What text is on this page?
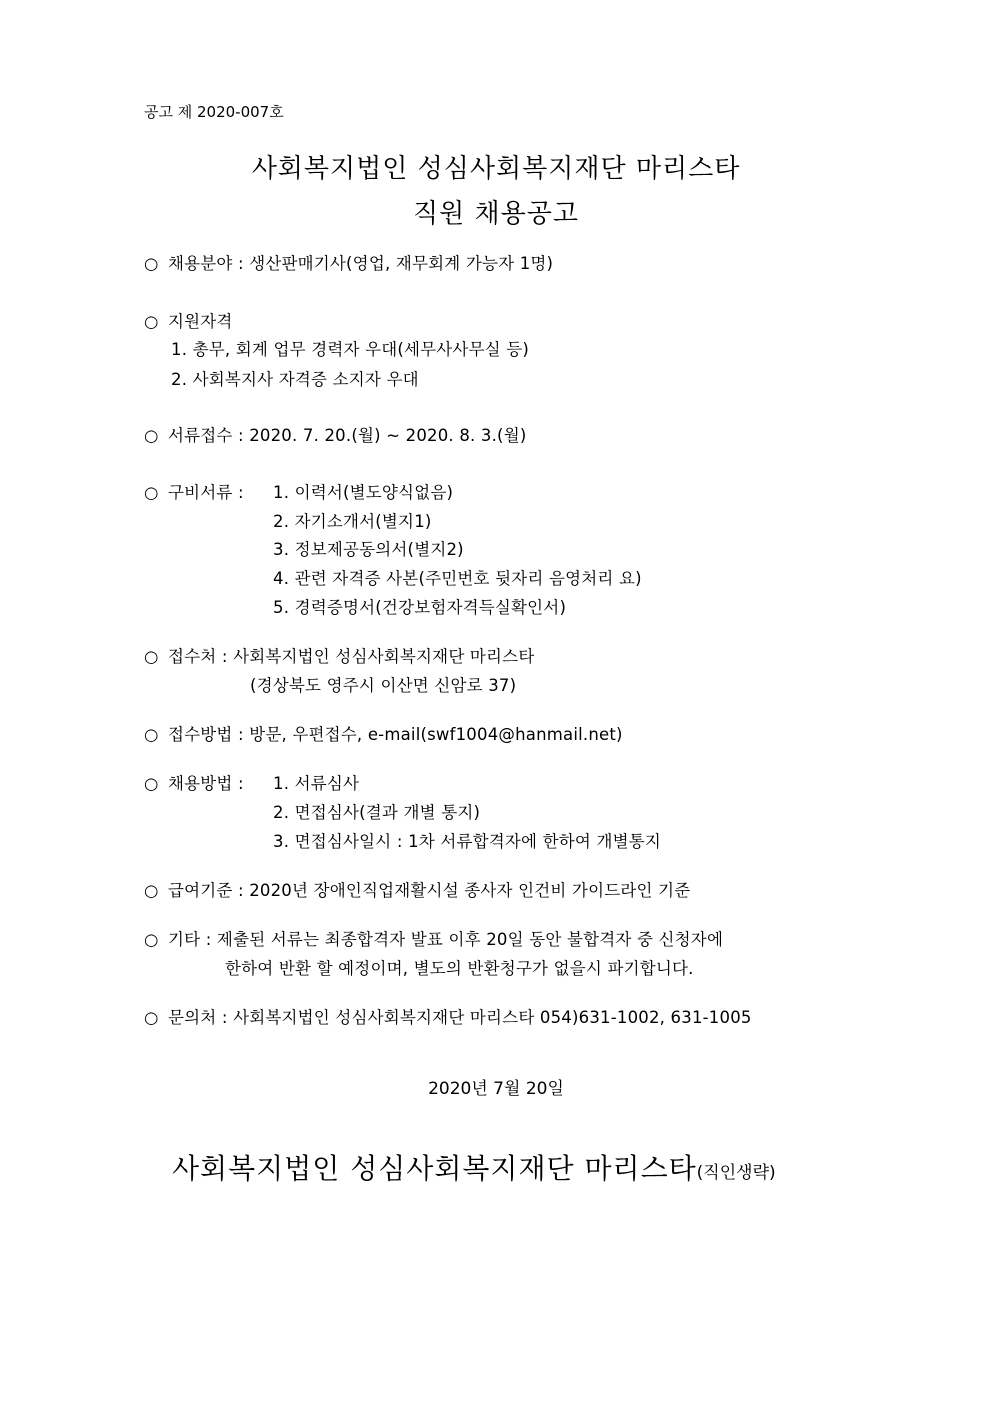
공고 제 2020-007호
사회복지법인 성심사회복지재단 마리스타
직원 채용공고
○ 채용분야 : 생산판매기사(영업, 재무회계 가능자 1명)
○ 지원자격
1. 총무, 회계 업무 경력자 우대(세무사사무실 등)
2. 사회복지사 자격증 소지자 우대
○ 서류접수 : 2020. 7. 20.(월) ~ 2020. 8. 3.(월)
○ 구비서류 : 1. 이력서(별도양식없음)
2. 자기소개서(별지1)
3. 정보제공동의서(별지2)
4. 관련 자격증 사본(주민번호 뒷자리 음영처리 요)
5. 경력증명서(건강보험자격득실확인서)
○ 접수처 : 사회복지법인 성심사회복지재단 마리스타
(경상북도 영주시 이산면 신암로 37)
○ 접수방법 : 방문, 우편접수, e-mail(swf1004@hanmail.net)
○ 채용방법 : 1. 서류심사
2. 면접심사(결과 개별 통지)
3. 면접심사일시 : 1차 서류합격자에 한하여 개별통지
○ 급여기준 : 2020년 장애인직업재활시설 종사자 인건비 가이드라인 기준
○ 기타 : 제출된 서류는 최종합격자 발표 이후 20일 동안 불합격자 중 신청자에
한하여 반환 할 예정이며, 별도의 반환청구가 없을시 파기합니다.
○ 문의처 : 사회복지법인 성심사회복지재단 마리스타 054)631-1002, 631-1005
2020년 7월 20일
사회복지법인 성심사회복지재단 마리스타(직인생략)
